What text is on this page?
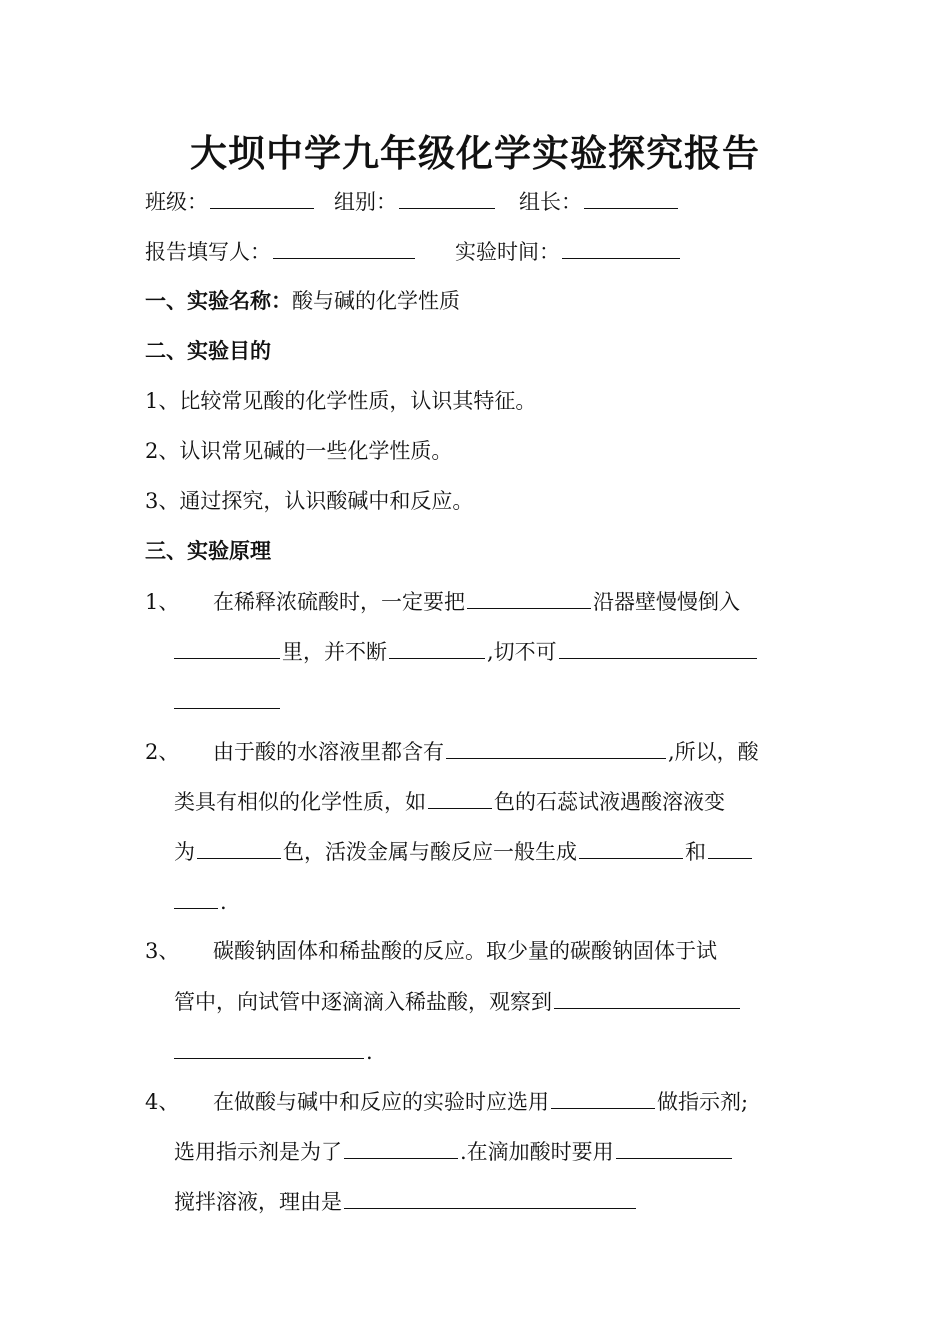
大坝中学九年级化学实验探究报告
班级：	组别：	组长：
报告填写人：	实验时间：
一、实验名称：酸与碱的化学性质
二、实验目的
1、比较常见酸的化学性质，认识其特征。
2、认识常见碱的一些化学性质。
3、通过探究，认识酸碱中和反应。
三、实验原理
1、 在稀释浓硫酸时，一定要把	沿器壁慢慢倒入
里，并不断	,切不可
2、 由于酸的水溶液里都含有	,所以，酸
类具有相似的化学性质，如	色的石蕊试液遇酸溶液变
为	色，活泼金属与酸反应一般生成	和
.
3、 碳酸钠固体和稀盐酸的反应。取少量的碳酸钠固体于试
管中，向试管中逐滴滴入稀盐酸，观察到
.
4、 在做酸与碱中和反应的实验时应选用	做指示剂;
选用指示剂是为了	.在滴加酸时要用
搅拌溶液，理由是
